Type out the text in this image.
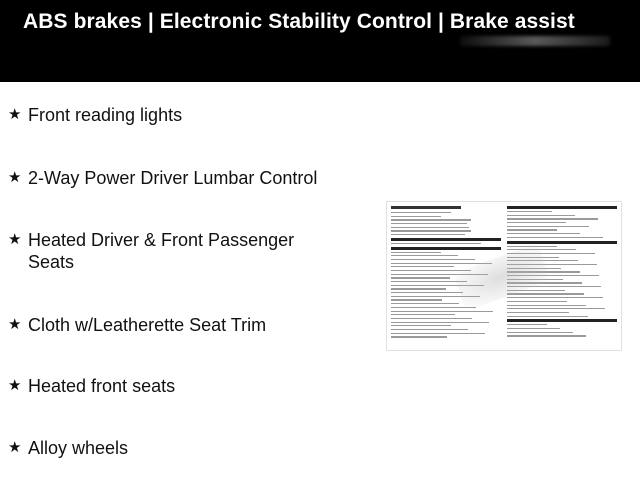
ABS brakes | Electronic Stability Control | Brake assist
★ Front reading lights
★ 2-Way Power Driver Lumbar Control
★ Heated Driver & Front Passenger Seats
★ Cloth w/Leatherette Seat Trim
★ Heated front seats
★ Alloy wheels
